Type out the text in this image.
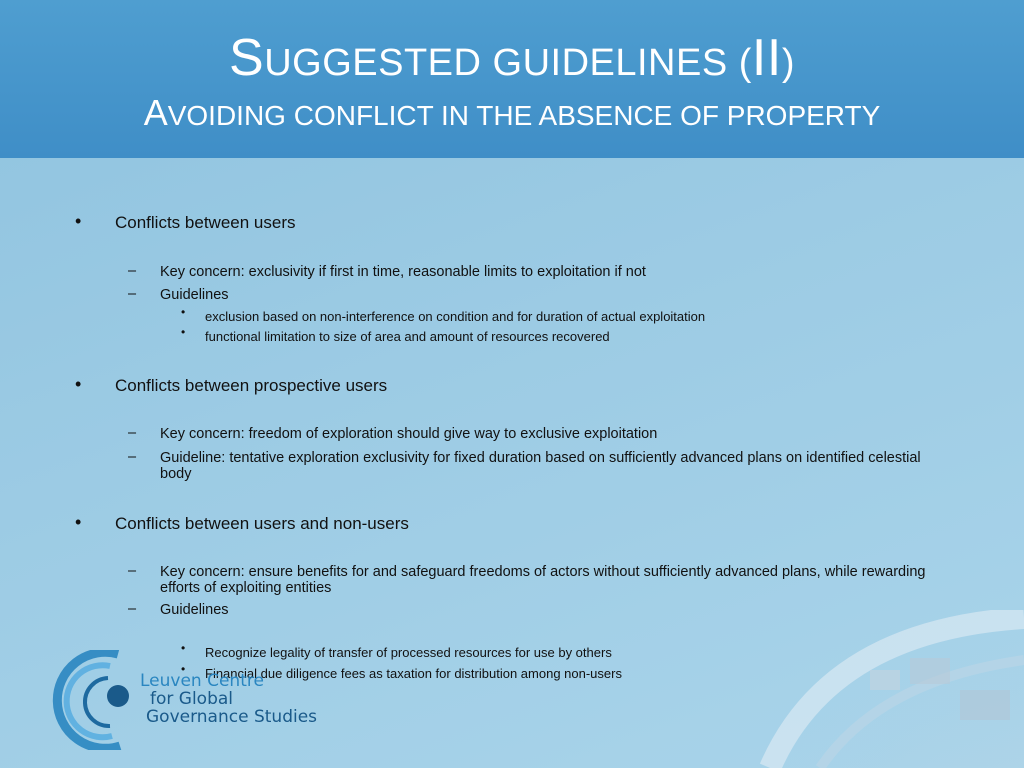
SUGGESTED GUIDELINES (II)
AVOIDING CONFLICT IN THE ABSENCE OF PROPERTY
• Conflicts between users
– Key concern: exclusivity if first in time, reasonable limits to exploitation if not
– Guidelines
• exclusion based on non-interference on condition and for duration of actual exploitation
• functional limitation to size of area and amount of resources recovered
• Conflicts between prospective users
– Key concern: freedom of exploration should give way to exclusive exploitation
– Guideline: tentative exploration exclusivity for fixed duration based on sufficiently advanced plans on identified celestial body
• Conflicts between users and non-users
– Key concern: ensure benefits for and safeguard freedoms of actors without sufficiently advanced plans, while rewarding efforts of exploiting entities
– Guidelines
• Recognize legality of transfer of processed resources for use by others
• Financial due diligence fees as taxation for distribution among non-users
Leuven Centre
for Global
Governance Studies
